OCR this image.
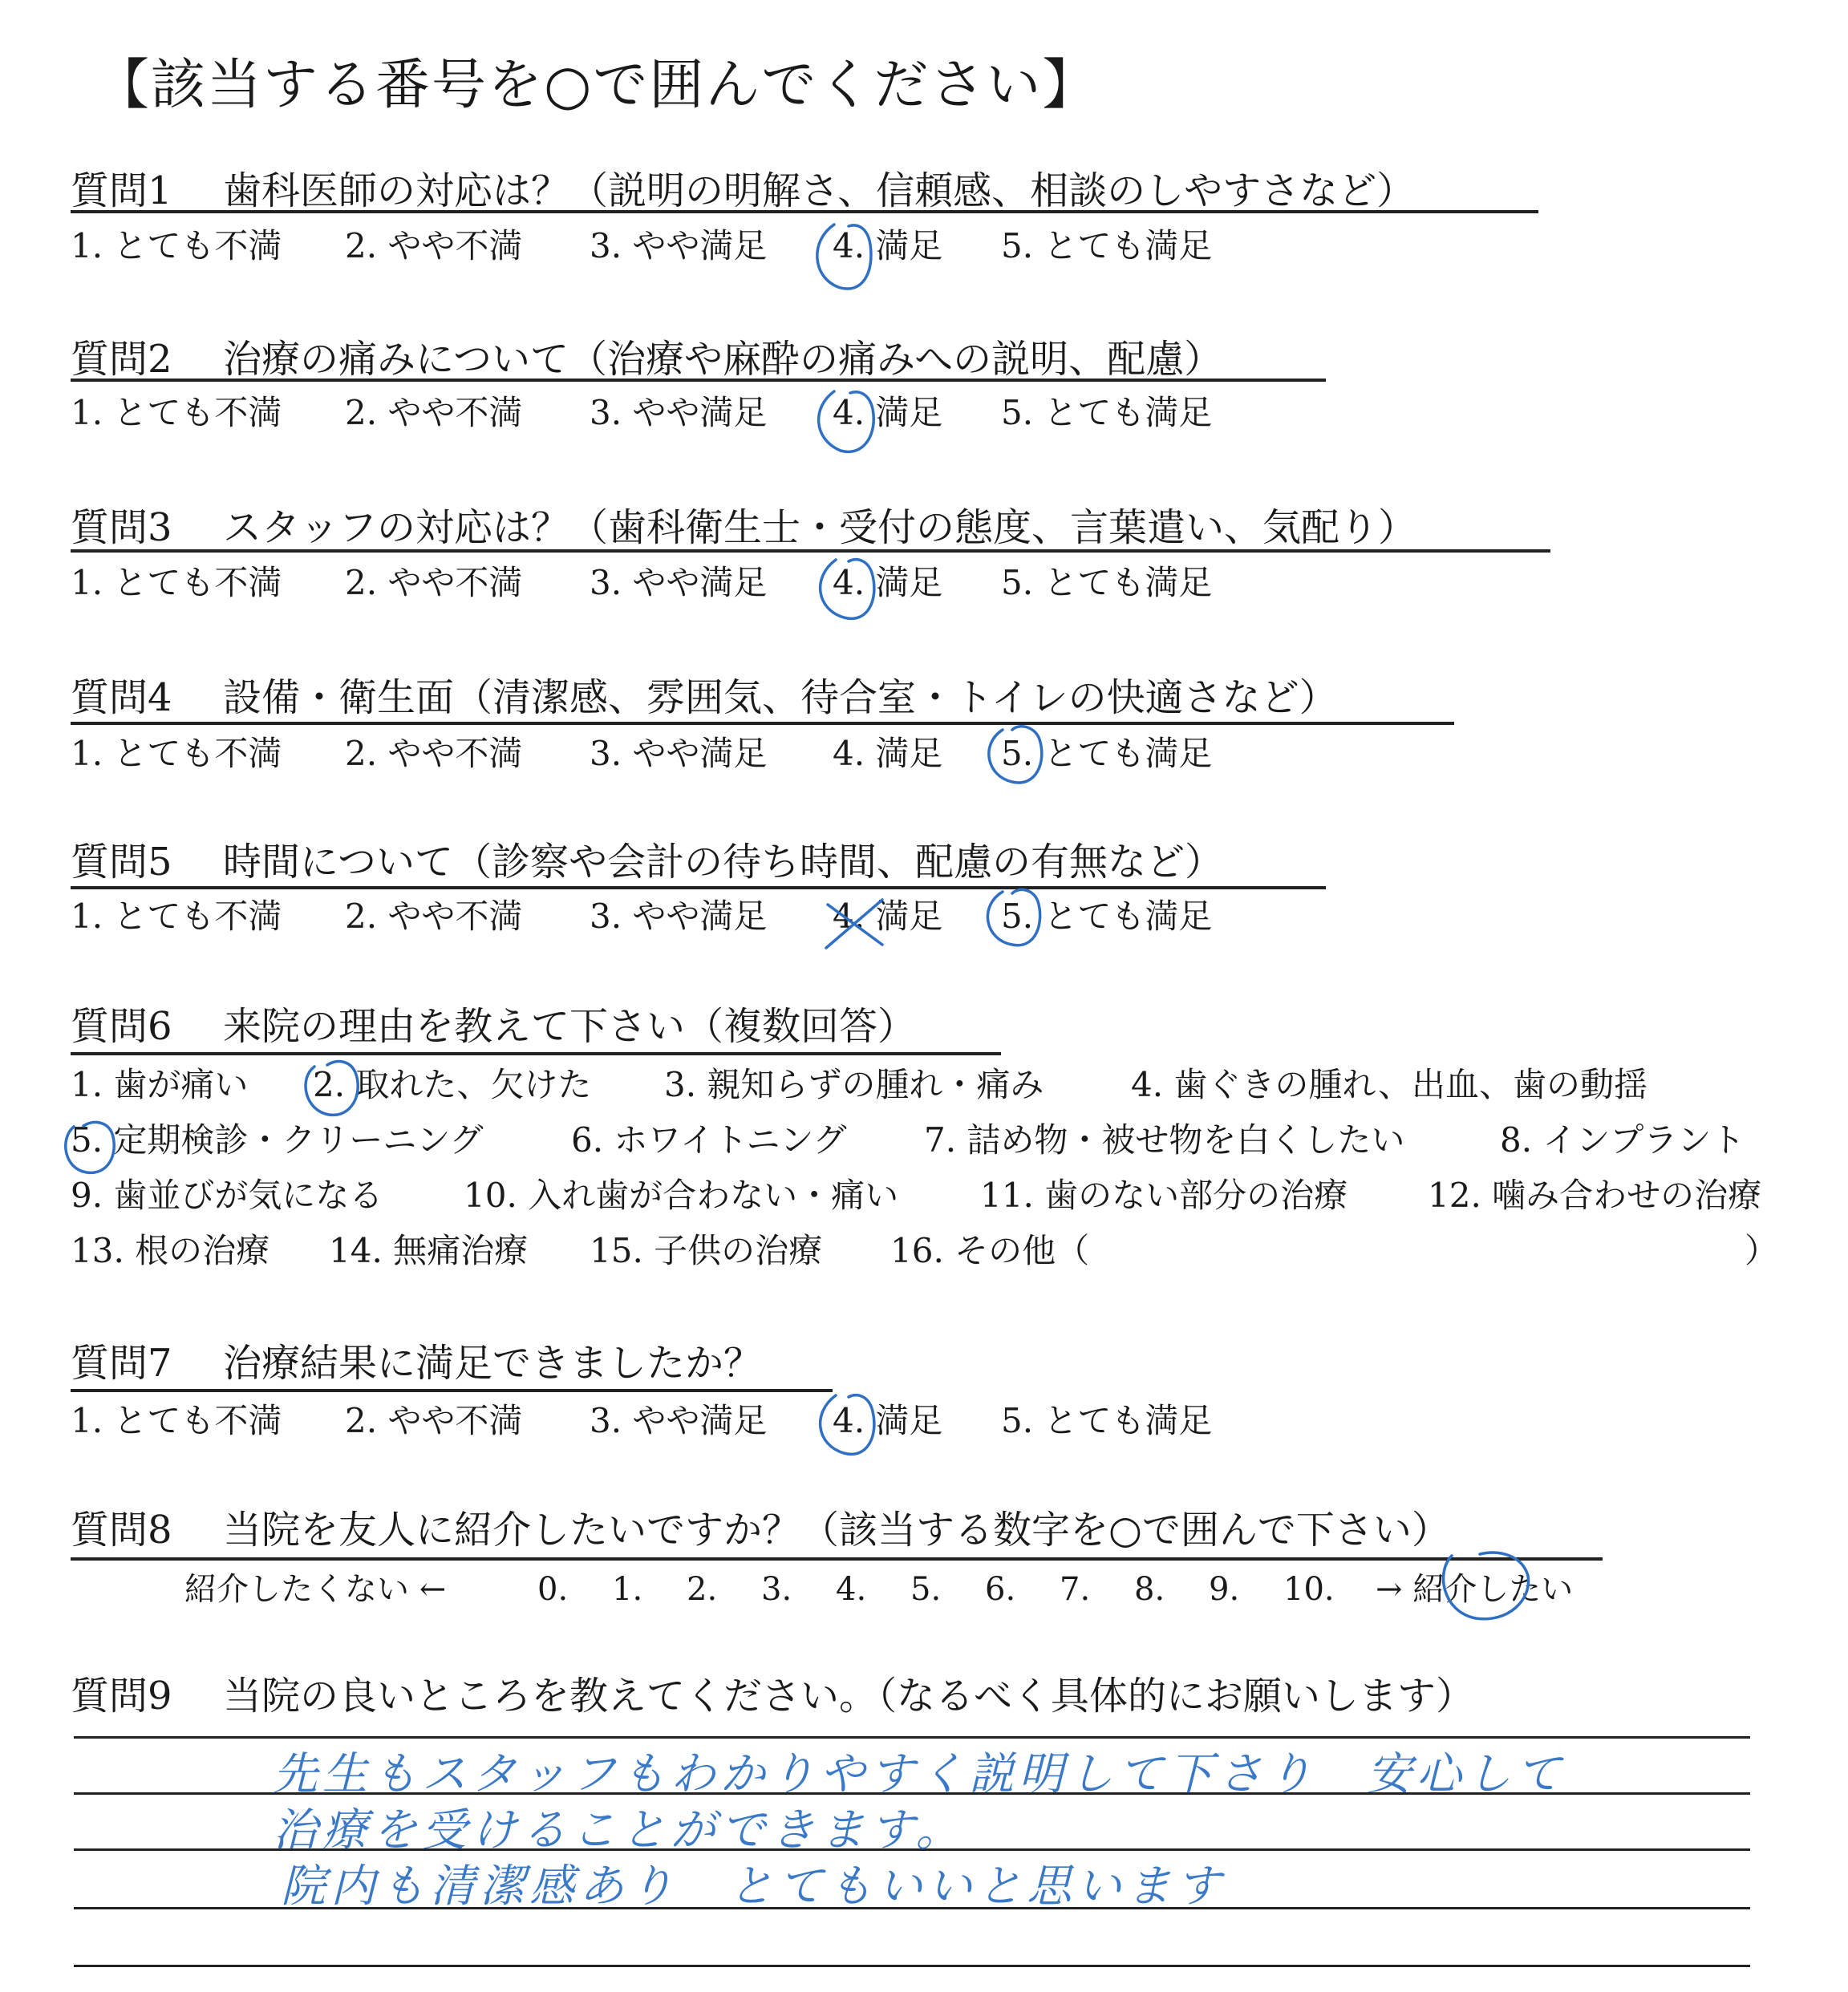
【該当する番号を○で囲んでください】
質問1 歯科医師の対応は？（説明の明解さ、信頼感、相談のしやすさなど）
1. とても不満 2. やや不満 3. やや満足 4. 満足 5. とても満足
質問2 治療の痛みについて（治療や麻酔の痛みへの説明、配慮）
1. とても不満 2. やや不満 3. やや満足 4. 満足 5. とても満足
質問3 スタッフの対応は？（歯科衛生士・受付の態度、言葉遣い、気配り）
1. とても不満 2. やや不満 3. やや満足 4. 満足 5. とても満足
質問4 設備・衛生面（清潔感、雰囲気、待合室・トイレの快適さなど）
1. とても不満 2. やや不満 3. やや満足 4. 満足 5. とても満足
質問5 時間について（診察や会計の待ち時間、配慮の有無など）
1. とても不満 2. やや不満 3. やや満足 4. 満足 5. とても満足
質問6 来院の理由を教えて下さい（複数回答）
1. 歯が痛い 2. 取れた、欠けた 3. 親知らずの腫れ・痛み	4. 歯ぐきの腫れ、出血、歯の動揺
5. 定期検診・クリーニング	6. ホワイトニング 7. 詰め物・被せ物を白くしたい	8. インプラント
9. 歯並びが気になる 10. 入れ歯が合わない・痛い 11. 歯のない部分の治療 12. 噛み合わせの治療
13. 根の治療 14. 無痛治療 15. 子供の治療 16. その他（	）
質問7 治療結果に満足できましたか？
1. とても不満 2. やや不満 3. やや満足 4. 満足 5. とても満足
質問8 当院を友人に紹介したいですか？（該当する数字を○で囲んで下さい）
紹介したくない ←	0. 1. 2. 3. 4. 5. 6. 7. 8. 9. 10. → 紹介したい
質問9 当院の良いところを教えてください。（なるべく具体的にお願いします）
先生もスタッフもわかりやすく説明して下さり　安心して
治療を受けることができます。
院内も清潔感あり　とてもいいと思います
